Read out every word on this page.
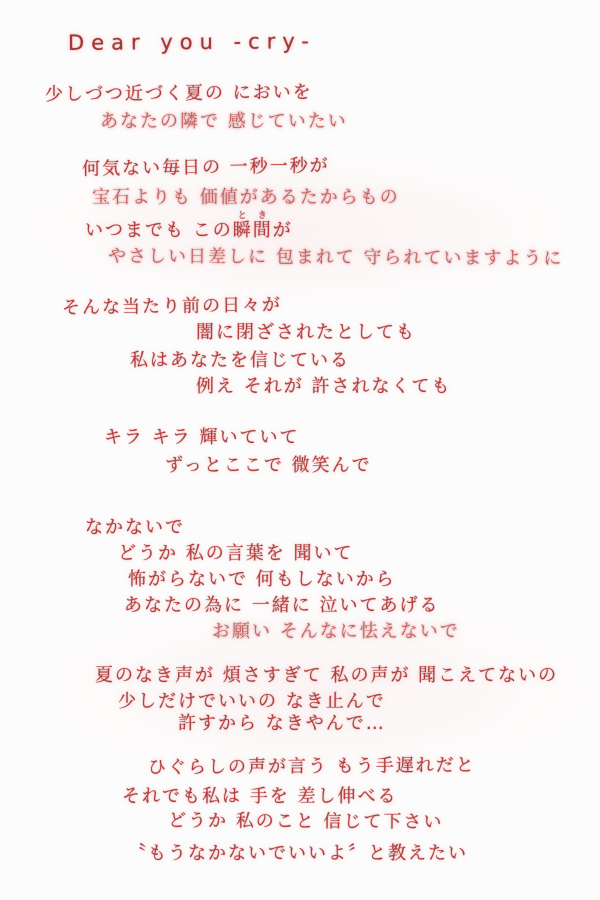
Dear you -cry-
少しづつ近づく夏の においを
あなたの隣で 感じていたい
何気ない毎日の 一秒一秒が
宝石よりも 価値があるたからもの
いつまでも この瞬間ときが
やさしい日差しに 包まれて 守られていますように
そんな当たり前の日々が
闇に閉ざされたとしても
私はあなたを信じている
例え それが 許されなくても
キラ キラ 輝いていて
ずっとここで 微笑んで
なかないで
どうか 私の言葉を 聞いて
怖がらないで 何もしないから
あなたの為に 一緒に 泣いてあげる
お願い そんなに怯えないで
夏のなき声が 煩さすぎて 私の声が 聞こえてないの
少しだけでいいの なき止んで
許すから なきやんで…
ひぐらしの声が言う もう手遅れだと
それでも私は 手を 差し伸べる
どうか 私のこと 信じて下さい
〝もうなかないでいいよ〞と教えたい
